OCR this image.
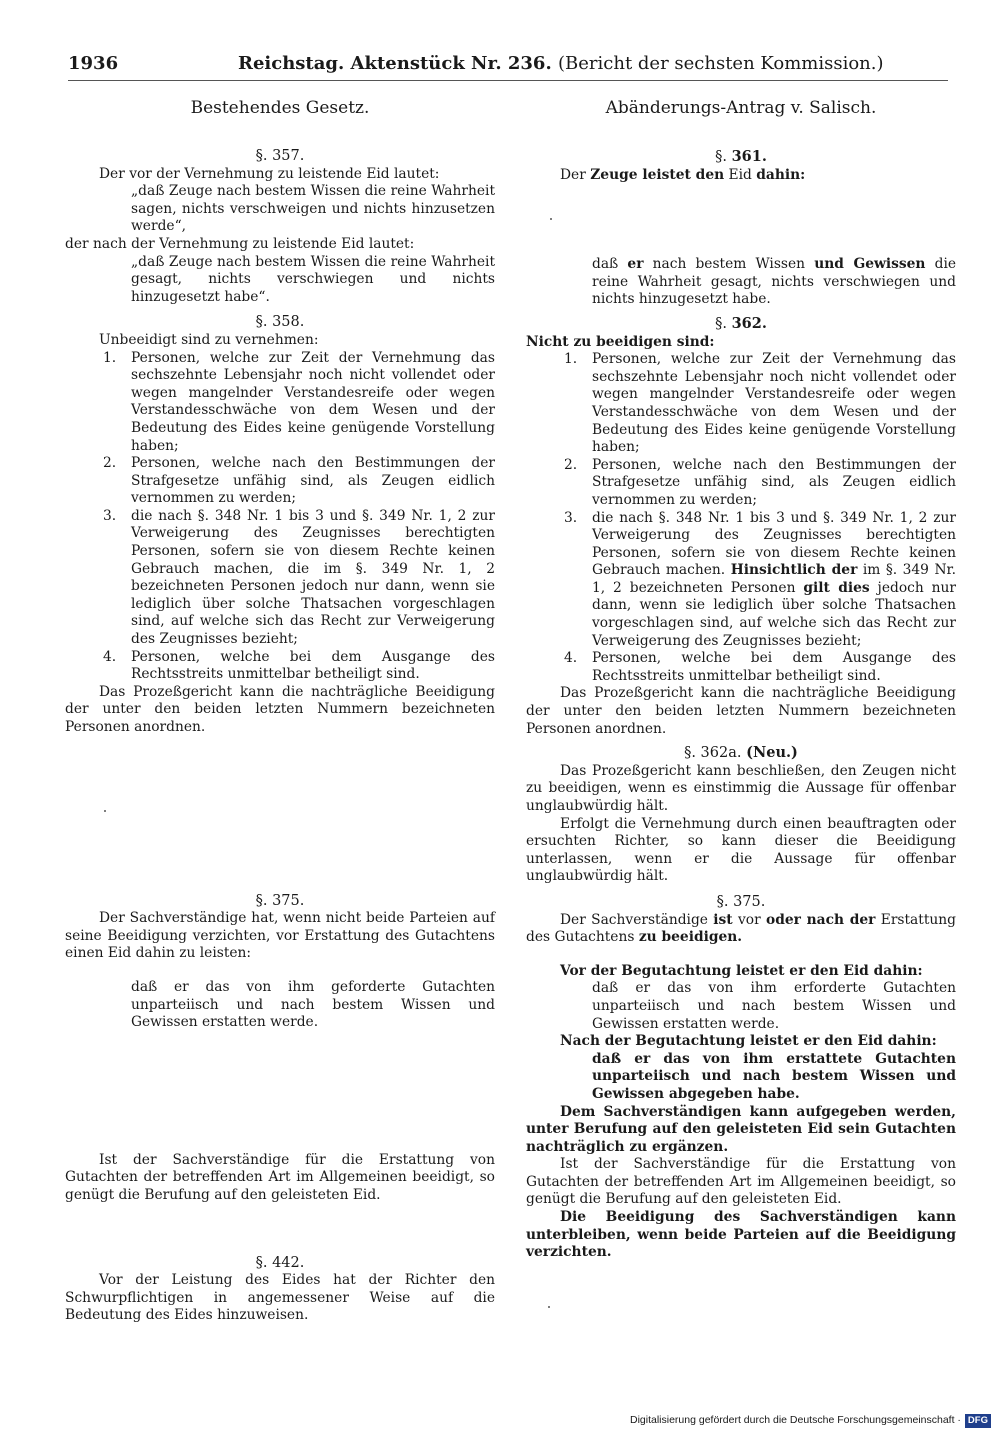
1936	Reichstag. Aktenstück Nr. 236. (Bericht der sechsten Kommission.)
Bestehendes Gesetz.
§. 357.

Der vor der Vernehmung zu leistende Eid lautet:

„daß Zeuge nach bestem Wissen die reine Wahrheit sagen, nichts verschweigen und nichts hinzusetzen werde“,

der nach der Vernehmung zu leistende Eid lautet:

„daß Zeuge nach bestem Wissen die reine Wahrheit gesagt, nichts verschwiegen und nichts hinzugesetzt habe“.

§. 358.

Unbeeidigt sind zu vernehmen:

1. Personen, welche zur Zeit der Vernehmung das sechszehnte Lebensjahr noch nicht vollendet oder wegen mangelnder Verstandesreife oder wegen Verstandesschwäche von dem Wesen und der Bedeutung des Eides keine genügende Vorstellung haben;
2. Personen, welche nach den Bestimmungen der Strafgesetze unfähig sind, als Zeugen eidlich vernommen zu werden;
3. die nach §. 348 Nr. 1 bis 3 und §. 349 Nr. 1, 2 zur Verweigerung des Zeugnisses berechtigten Personen, sofern sie von diesem Rechte keinen Gebrauch machen, die im §. 349 Nr. 1, 2 bezeichneten Personen jedoch nur dann, wenn sie lediglich über solche Thatsachen vorgeschlagen sind, auf welche sich das Recht zur Verweigerung des Zeugnisses bezieht;
4. Personen, welche bei dem Ausgange des Rechtsstreits unmittelbar betheiligt sind.

Das Prozeßgericht kann die nachträgliche Beeidigung der unter den beiden letzten Nummern bezeichneten Personen anordnen.

§. 375.

Der Sachverständige hat, wenn nicht beide Parteien auf seine Beeidigung verzichten, vor Erstattung des Gutachtens einen Eid dahin zu leisten:

daß er das von ihm geforderte Gutachten unparteiisch und nach bestem Wissen und Gewissen erstatten werde.

Ist der Sachverständige für die Erstattung von Gutachten der betreffenden Art im Allgemeinen beeidigt, so genügt die Berufung auf den geleisteten Eid.

§. 442.

Vor der Leistung des Eides hat der Richter den Schwurpflichtigen in angemessener Weise auf die Bedeutung des Eides hinzuweisen.

Abänderungs-Antrag v. Salisch.
§. 361.

Der Zeuge leistet den Eid dahin:

daß er nach bestem Wissen und Gewissen die reine Wahrheit gesagt, nichts verschwiegen und nichts hinzugesetzt habe.

§. 362.

Nicht zu beeidigen sind:

1. Personen, welche zur Zeit der Vernehmung das sechszehnte Lebensjahr noch nicht vollendet oder wegen mangelnder Verstandesreife oder wegen Verstandesschwäche von dem Wesen und der Bedeutung des Eides keine genügende Vorstellung haben;
2. Personen, welche nach den Bestimmungen der Strafgesetze unfähig sind, als Zeugen eidlich vernommen zu werden;
3. die nach §. 348 Nr. 1 bis 3 und §. 349 Nr. 1, 2 zur Verweigerung des Zeugnisses berechtigten Personen, sofern sie von diesem Rechte keinen Gebrauch machen. Hinsichtlich der im §. 349 Nr. 1, 2 bezeichneten Personen gilt dies jedoch nur dann, wenn sie lediglich über solche Thatsachen vorgeschlagen sind, auf welche sich das Recht zur Verweigerung des Zeugnisses bezieht;
4. Personen, welche bei dem Ausgange des Rechtsstreits unmittelbar betheiligt sind.

Das Prozeßgericht kann die nachträgliche Beeidigung der unter den beiden letzten Nummern bezeichneten Personen anordnen.

§. 362a. (Neu.)

Das Prozeßgericht kann beschließen, den Zeugen nicht zu beeidigen, wenn es einstimmig die Aussage für offenbar unglaubwürdig hält.

Erfolgt die Vernehmung durch einen beauftragten oder ersuchten Richter, so kann dieser die Beeidigung unterlassen, wenn er die Aussage für offenbar unglaubwürdig hält.

§. 375.

Der Sachverständige ist vor oder nach der Erstattung des Gutachtens zu beeidigen.

Vor der Begutachtung leistet er den Eid dahin:

daß er das von ihm erforderte Gutachten unparteiisch und nach bestem Wissen und Gewissen erstatten werde.

Nach der Begutachtung leistet er den Eid dahin:

daß er das von ihm erstattete Gutachten unparteiisch und nach bestem Wissen und Gewissen abgegeben habe.

Dem Sachverständigen kann aufgegeben werden, unter Berufung auf den geleisteten Eid sein Gutachten nachträglich zu ergänzen.

Ist der Sachverständige für die Erstattung von Gutachten der betreffenden Art im Allgemeinen beeidigt, so genügt die Berufung auf den geleisteten Eid.

Die Beeidigung des Sachverständigen kann unterbleiben, wenn beide Parteien auf die Beeidigung verzichten.

Digitalisierung gefördert durch die Deutsche Forschungsgemeinschaft · DFG
